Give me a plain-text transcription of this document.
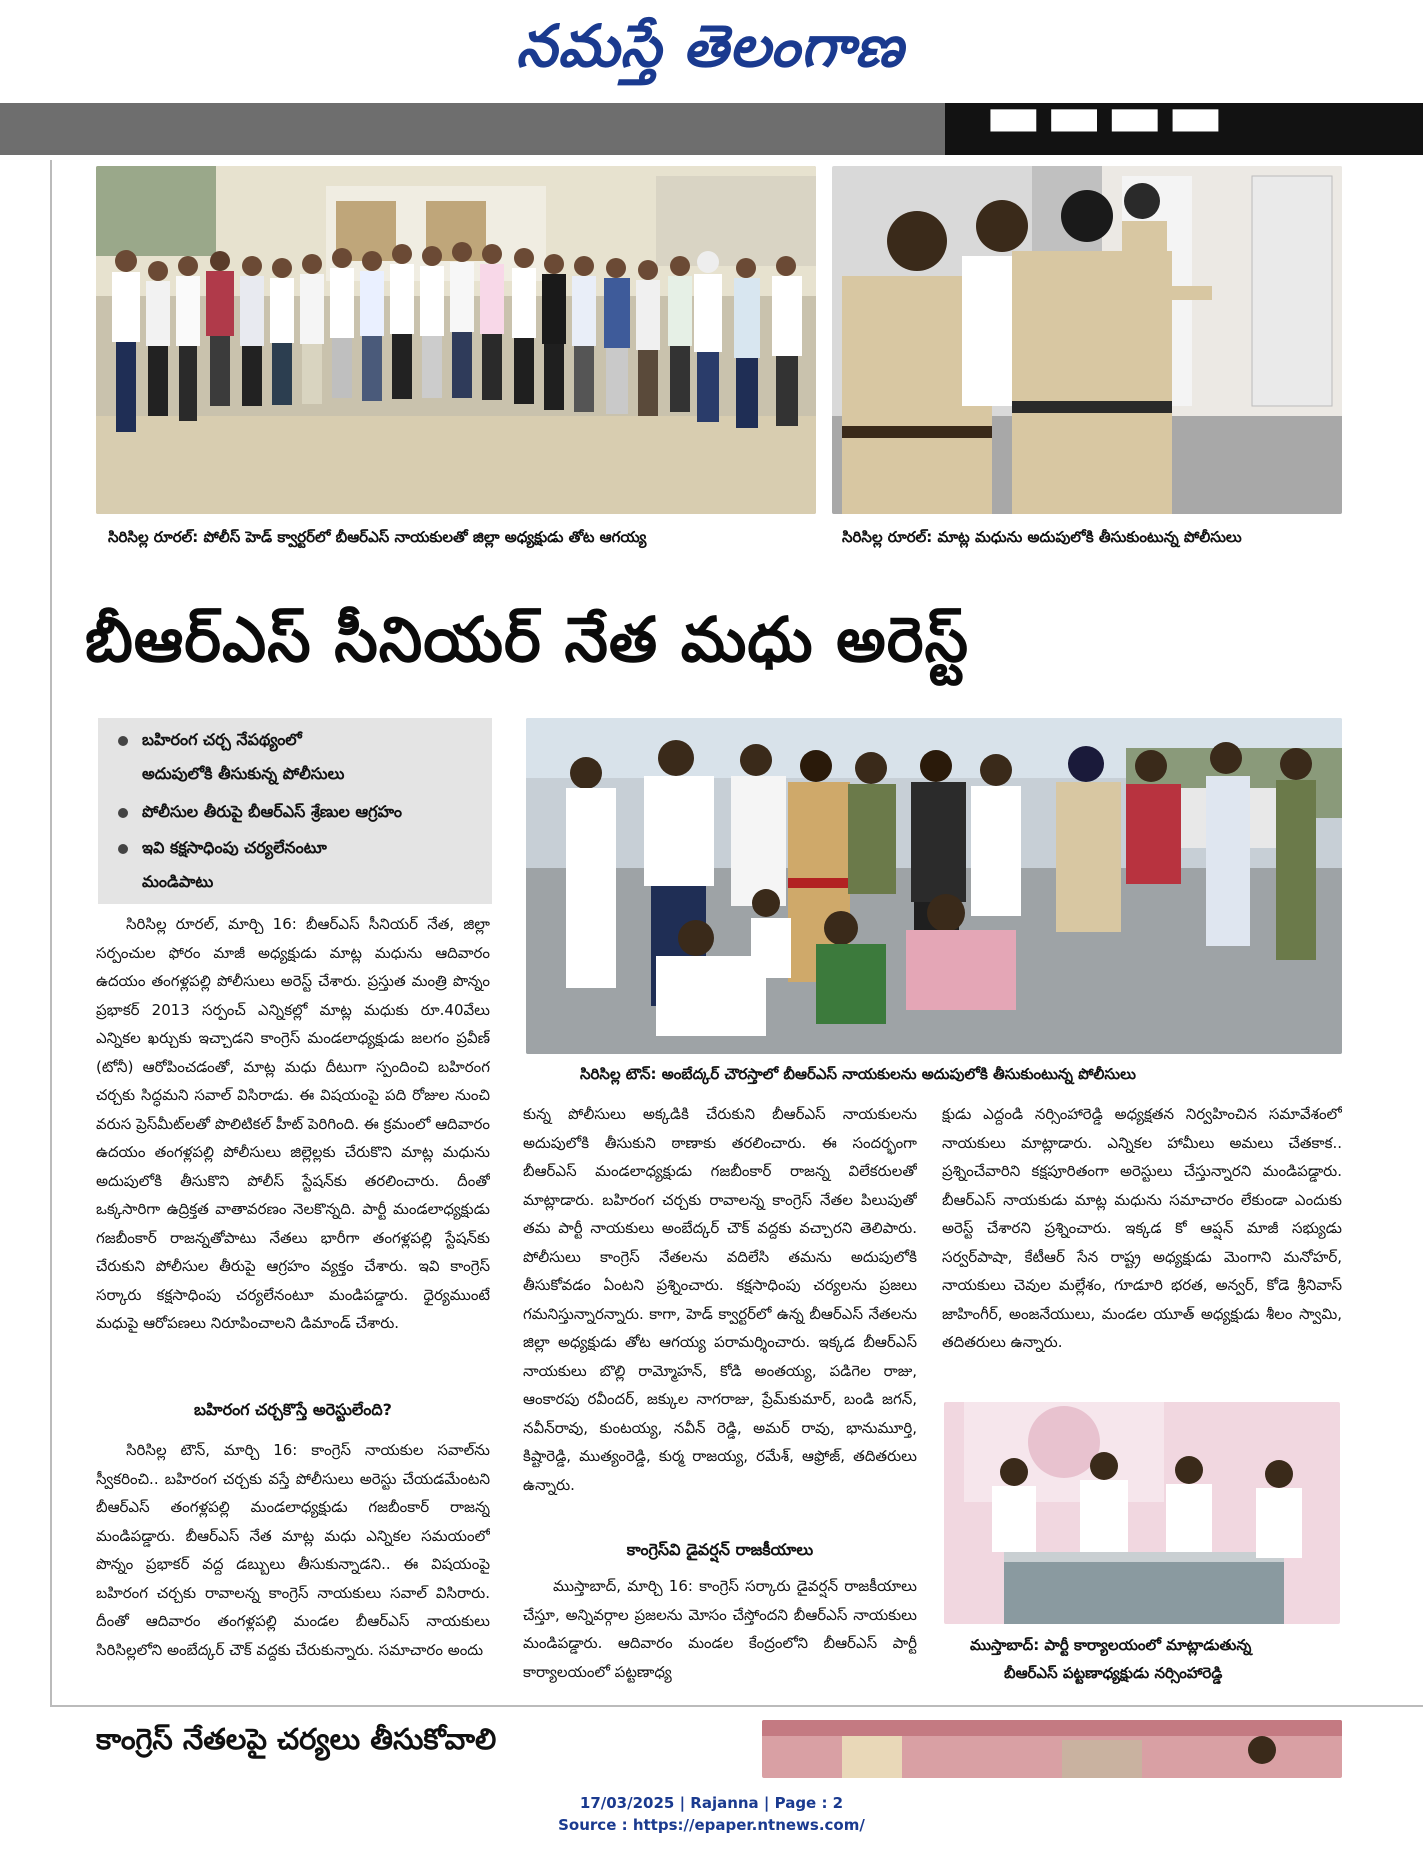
నమస్తే తెలంగాణ
▬▬▬▬
సిరిసిల్ల రూరల్: పోలీస్ హెడ్ క్వార్టర్‌లో బీఆర్ఎస్ నాయకులతో జిల్లా అధ్యక్షుడు తోట ఆగయ్య	సిరిసిల్ల రూరల్: మాట్ల మధును అదుపులోకి తీసుకుంటున్న పోలీసులు
బీఆర్ఎస్ సీనియర్ నేత మధు అరెస్ట్
బహిరంగ చర్చ నేపథ్యంలో
అదుపులోకి తీసుకున్న పోలీసులు
పోలీసుల తీరుపై బీఆర్ఎస్ శ్రేణుల ఆగ్రహం
ఇవి కక్షసాధింపు చర్యలేనంటూ
మండిపాటు
సిరిసిల్ల టౌన్: అంబేద్కర్ చౌరస్తాలో బీఆర్ఎస్ నాయకులను అదుపులోకి తీసుకుంటున్న పోలీసులు

సిరిసిల్ల రూరల్, మార్చి 16: బీఆర్ఎస్ సీనియర్ నేత, జిల్లా సర్పంచుల ఫోరం మాజీ అధ్యక్షుడు మాట్ల మధును ఆదివారం ఉదయం తంగళ్లపల్లి పోలీసులు అరెస్ట్ చేశారు. ప్రస్తుత మంత్రి పొన్నం ప్రభాకర్ 2013 సర్పంచ్ ఎన్నికల్లో మాట్ల మధుకు రూ.40వేలు ఎన్నికల ఖర్చుకు ఇచ్చాడని కాంగ్రెస్ మండలాధ్యక్షుడు జలగం ప్రవీణ్ (టోనీ) ఆరోపించడంతో, మాట్ల మధు దీటుగా స్పందించి బహిరంగ చర్చకు సిద్ధమని సవాల్ విసిరాడు. ఈ విషయంపై పది రోజుల నుంచి వరుస ప్రెస్‌మీట్‌లతో పొలిటికల్ హీట్ పెరిగింది. ఈ క్రమంలో ఆదివారం ఉదయం తంగళ్లపల్లి పోలీసులు జిల్లెల్లకు చేరుకొని మాట్ల మధును అదుపులోకి తీసుకొని పోలీస్ స్టేషన్‌కు తరలించారు. దీంతో ఒక్కసారిగా ఉద్రిక్తత వాతావరణం నెలకొన్నది. పార్టీ మండలాధ్యక్షుడు గజబీంకార్ రాజన్నతోపాటు నేతలు భారీగా తంగళ్లపల్లి స్టేషన్‌కు చేరుకుని పోలీసుల తీరుపై ఆగ్రహం వ్యక్తం చేశారు. ఇవి కాంగ్రెస్ సర్కారు కక్షసాధింపు చర్యలేనంటూ మండిపడ్డారు. ధైర్యముంటే మధుపై ఆరోపణలు నిరూపించాలని డిమాండ్ చేశారు.

బహిరంగ చర్చకొస్తే అరెస్టులేంది?

సిరిసిల్ల టౌన్, మార్చి 16: కాంగ్రెస్ నాయకుల సవాల్‌ను స్వీకరించి.. బహిరంగ చర్చకు వస్తే పోలీసులు అరెస్టు చేయడమేంటని బీఆర్ఎస్ తంగళ్లపల్లి మండలాధ్యక్షుడు గజబీంకార్ రాజన్న మండిపడ్డారు. బీఆర్ఎస్ నేత మాట్ల మధు ఎన్నికల సమయంలో పొన్నం ప్రభాకర్ వద్ద డబ్బులు తీసుకున్నాడని.. ఈ విషయంపై బహిరంగ చర్చకు రావాలన్న కాంగ్రెస్ నాయకులు సవాల్ విసిరారు. దీంతో ఆదివారం తంగళ్లపల్లి మండల బీఆర్ఎస్ నాయకులు సిరిసిల్లలోని అంబేద్కర్ చౌక్ వద్దకు చేరుకున్నారు. సమాచారం అందు

కున్న పోలీసులు అక్కడికి చేరుకుని బీఆర్ఎస్ నాయకులను అదుపులోకి తీసుకుని ఠాణాకు తరలించారు. ఈ సందర్భంగా బీఆర్ఎస్ మండలాధ్యక్షుడు గజబీంకార్ రాజన్న విలేకరులతో మాట్లాడారు. బహిరంగ చర్చకు రావాలన్న కాంగ్రెస్ నేతల పిలుపుతో తమ పార్టీ నాయకులు అంబేద్కర్ చౌక్ వద్దకు వచ్చారని తెలిపారు. పోలీసులు కాంగ్రెస్ నేతలను వదిలేసి తమను అదుపులోకి తీసుకోవడం ఏంటని ప్రశ్నించారు. కక్షసాధింపు చర్యలను ప్రజలు గమనిస్తున్నారన్నారు. కాగా, హెడ్ క్వార్టర్‌లో ఉన్న బీఆర్ఎస్ నేతలను జిల్లా అధ్యక్షుడు తోట ఆగయ్య పరామర్శించారు. ఇక్కడ బీఆర్ఎస్ నాయకులు బొల్లి రామ్మోహన్, కోడి అంతయ్య, పడిగెల రాజు, ఆంకారపు రవీందర్, జక్కుల నాగరాజు, ప్రేమ్‌కుమార్, బండి జగన్, నవీన్‌రావు, కుంటయ్య, నవీన్ రెడ్డి, అమర్ రావు, భానుమూర్తి, కిష్టారెడ్డి, ముత్యంరెడ్డి, కుర్మ రాజయ్య, రమేశ్, ఆఫ్రోజ్, తదితరులు ఉన్నారు.

కాంగ్రెస్‌వి డైవర్షన్ రాజకీయాలు

ముస్తాబాద్, మార్చి 16: కాంగ్రెస్ సర్కారు డైవర్షన్ రాజకీయాలు చేస్తూ, అన్నివర్గాల ప్రజలను మోసం చేస్తోందని బీఆర్ఎస్ నాయకులు మండిపడ్డారు. ఆదివారం మండల కేంద్రంలోని బీఆర్ఎస్ పార్టీ కార్యాలయంలో పట్టణాధ్య

క్షుడు ఎద్దండి నర్సింహారెడ్డి అధ్యక్షతన నిర్వహించిన సమావేశంలో నాయకులు మాట్లాడారు. ఎన్నికల హామీలు అమలు చేతకాక.. ప్రశ్నించేవారిని కక్షపూరితంగా అరెస్టులు చేస్తున్నారని మండిపడ్డారు. బీఆర్ఎస్ నాయకుడు మాట్ల మధును సమాచారం లేకుండా ఎందుకు అరెస్ట్ చేశారని ప్రశ్నించారు. ఇక్కడ కో ఆప్షన్ మాజీ సభ్యుడు సర్వర్‌పాషా, కేటీఆర్ సేన రాష్ట్ర అధ్యక్షుడు మెంగాని మనోహర్, నాయకులు చెవుల మల్లేశం, గూడూరి భరత, అన్వర్, కోడె శ్రీనివాస్ జాహింగీర్, అంజనేయులు, మండల యూత్ అధ్యక్షుడు శీలం స్వామి, తదితరులు ఉన్నారు.

ముస్తాబాద్: పార్టీ కార్యాలయంలో మాట్లాడుతున్న
బీఆర్ఎస్ పట్టణాధ్యక్షుడు నర్సింహారెడ్డి
కాంగ్రెస్ నేతలపై చర్యలు తీసుకోవాలి
17/03/2025 | Rajanna | Page : 2
Source : https://epaper.ntnews.com/
